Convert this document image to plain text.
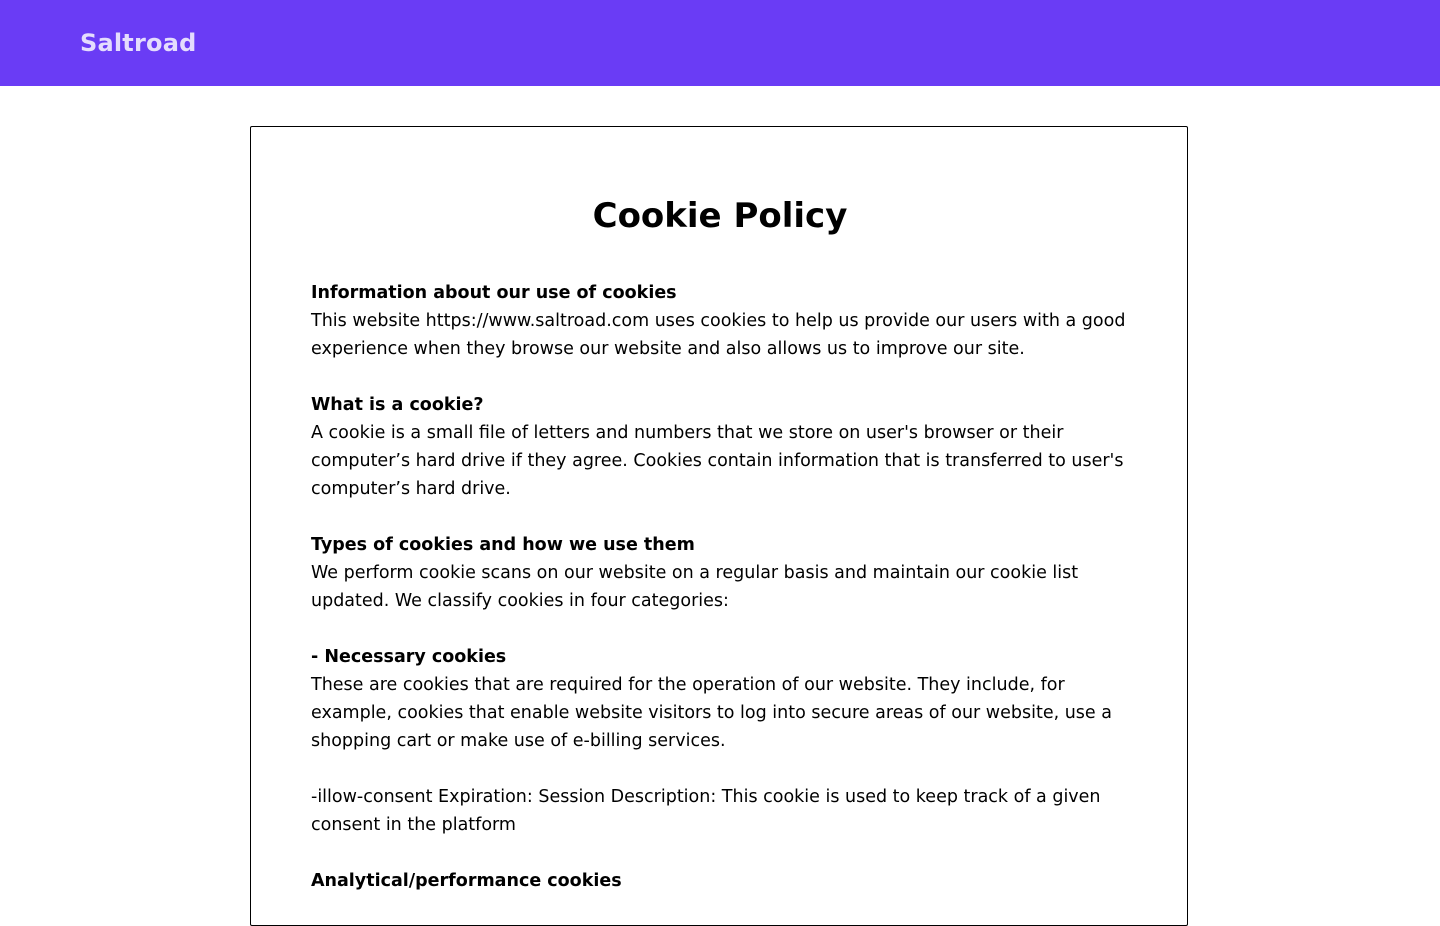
Saltroad
Cookie Policy
Information about our use of cookies
This website https://www.saltroad.com uses cookies to help us provide our users with a good experience when they browse our website and also allows us to improve our site.
What is a cookie?
A cookie is a small file of letters and numbers that we store on user's browser or their computer’s hard drive if they agree. Cookies contain information that is transferred to user's computer’s hard drive.
Types of cookies and how we use them
We perform cookie scans on our website on a regular basis and maintain our cookie list updated. We classify cookies in four categories:
- Necessary cookies
These are cookies that are required for the operation of our website. They include, for example, cookies that enable website visitors to log into secure areas of our website, use a shopping cart or make use of e-billing services.
-illow-consent Expiration: Session Description: This cookie is used to keep track of a given consent in the platform
Analytical/performance cookies
